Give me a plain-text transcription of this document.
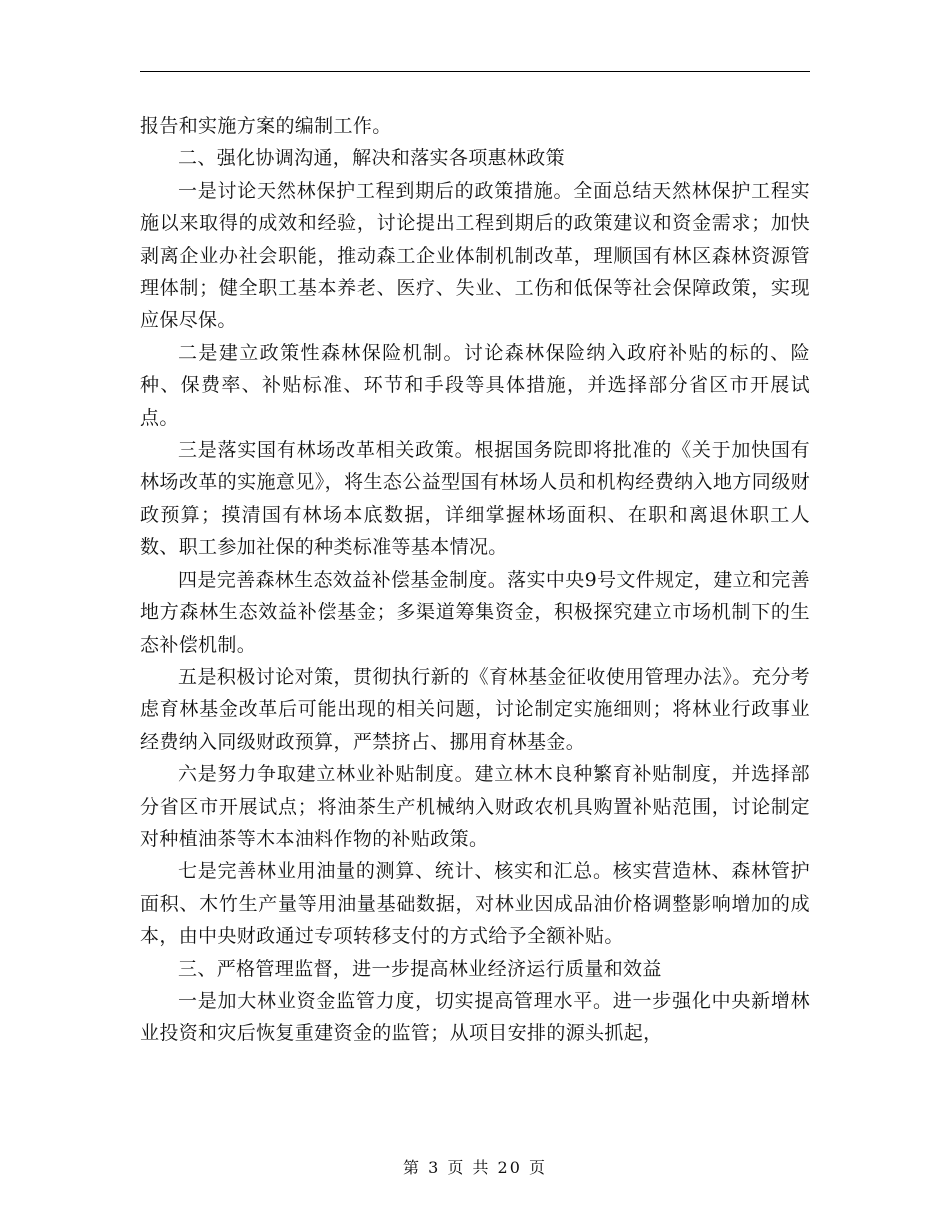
报告和实施方案的编制工作。

二、强化协调沟通，解决和落实各项惠林政策

一是讨论天然林保护工程到期后的政策措施。全面总结天然林保护工程实施以来取得的成效和经验，讨论提出工程到期后的政策建议和资金需求；加快剥离企业办社会职能，推动森工企业体制机制改革，理顺国有林区森林资源管理体制；健全职工基本养老、医疗、失业、工伤和低保等社会保障政策，实现应保尽保。

二是建立政策性森林保险机制。讨论森林保险纳入政府补贴的标的、险种、保费率、补贴标准、环节和手段等具体措施，并选择部分省区市开展试点。

三是落实国有林场改革相关政策。根据国务院即将批准的《关于加快国有林场改革的实施意见》，将生态公益型国有林场人员和机构经费纳入地方同级财政预算；摸清国有林场本底数据，详细掌握林场面积、在职和离退休职工人数、职工参加社保的种类标准等基本情况。

四是完善森林生态效益补偿基金制度。落实中央9号文件规定，建立和完善地方森林生态效益补偿基金；多渠道筹集资金，积极探究建立市场机制下的生态补偿机制。

五是积极讨论对策，贯彻执行新的《育林基金征收使用管理办法》。充分考虑育林基金改革后可能出现的相关问题，讨论制定实施细则；将林业行政事业经费纳入同级财政预算，严禁挤占、挪用育林基金。

六是努力争取建立林业补贴制度。建立林木良种繁育补贴制度，并选择部分省区市开展试点；将油茶生产机械纳入财政农机具购置补贴范围，讨论制定对种植油茶等木本油料作物的补贴政策。

七是完善林业用油量的测算、统计、核实和汇总。核实营造林、森林管护面积、木竹生产量等用油量基础数据，对林业因成品油价格调整影响增加的成本，由中央财政通过专项转移支付的方式给予全额补贴。

三、严格管理监督，进一步提高林业经济运行质量和效益

一是加大林业资金监管力度，切实提高管理水平。进一步强化中央新增林业投资和灾后恢复重建资金的监管；从项目安排的源头抓起，

第 3 页 共 20 页
